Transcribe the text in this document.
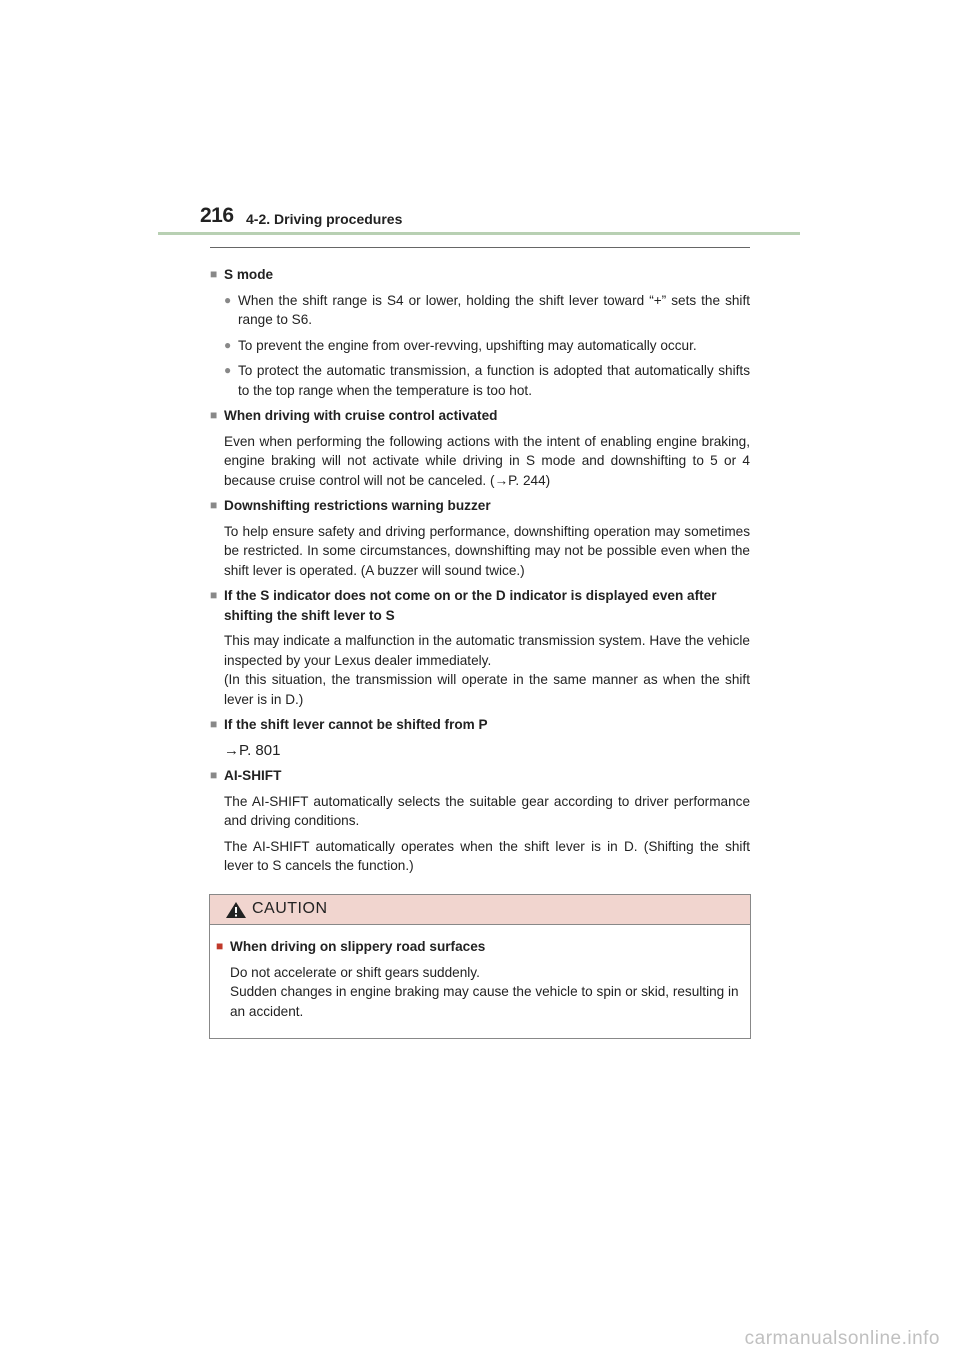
216 4-2. Driving procedures
■ S mode
● When the shift range is S4 or lower, holding the shift lever toward “+” sets the shift range to S6.
● To prevent the engine from over-revving, upshifting may automatically occur.
● To protect the automatic transmission, a function is adopted that automatically shifts to the top range when the temperature is too hot.
■ When driving with cruise control activated
Even when performing the following actions with the intent of enabling engine braking, engine braking will not activate while driving in S mode and downshifting to 5 or 4 because cruise control will not be canceled. (→P. 244)
■ Downshifting restrictions warning buzzer
To help ensure safety and driving performance, downshifting operation may sometimes be restricted. In some circumstances, downshifting may not be possible even when the shift lever is operated. (A buzzer will sound twice.)
■ If the S indicator does not come on or the D indicator is displayed even after shifting the shift lever to S
This may indicate a malfunction in the automatic transmission system. Have the vehicle inspected by your Lexus dealer immediately.
(In this situation, the transmission will operate in the same manner as when the shift lever is in D.)
■ If the shift lever cannot be shifted from P
→P. 801
■ AI-SHIFT
The AI-SHIFT automatically selects the suitable gear according to driver performance and driving conditions.
The AI-SHIFT automatically operates when the shift lever is in D. (Shifting the shift lever to S cancels the function.)
CAUTION
■ When driving on slippery road surfaces
Do not accelerate or shift gears suddenly.
Sudden changes in engine braking may cause the vehicle to spin or skid, resulting in an accident.
carmanualsonline.info
